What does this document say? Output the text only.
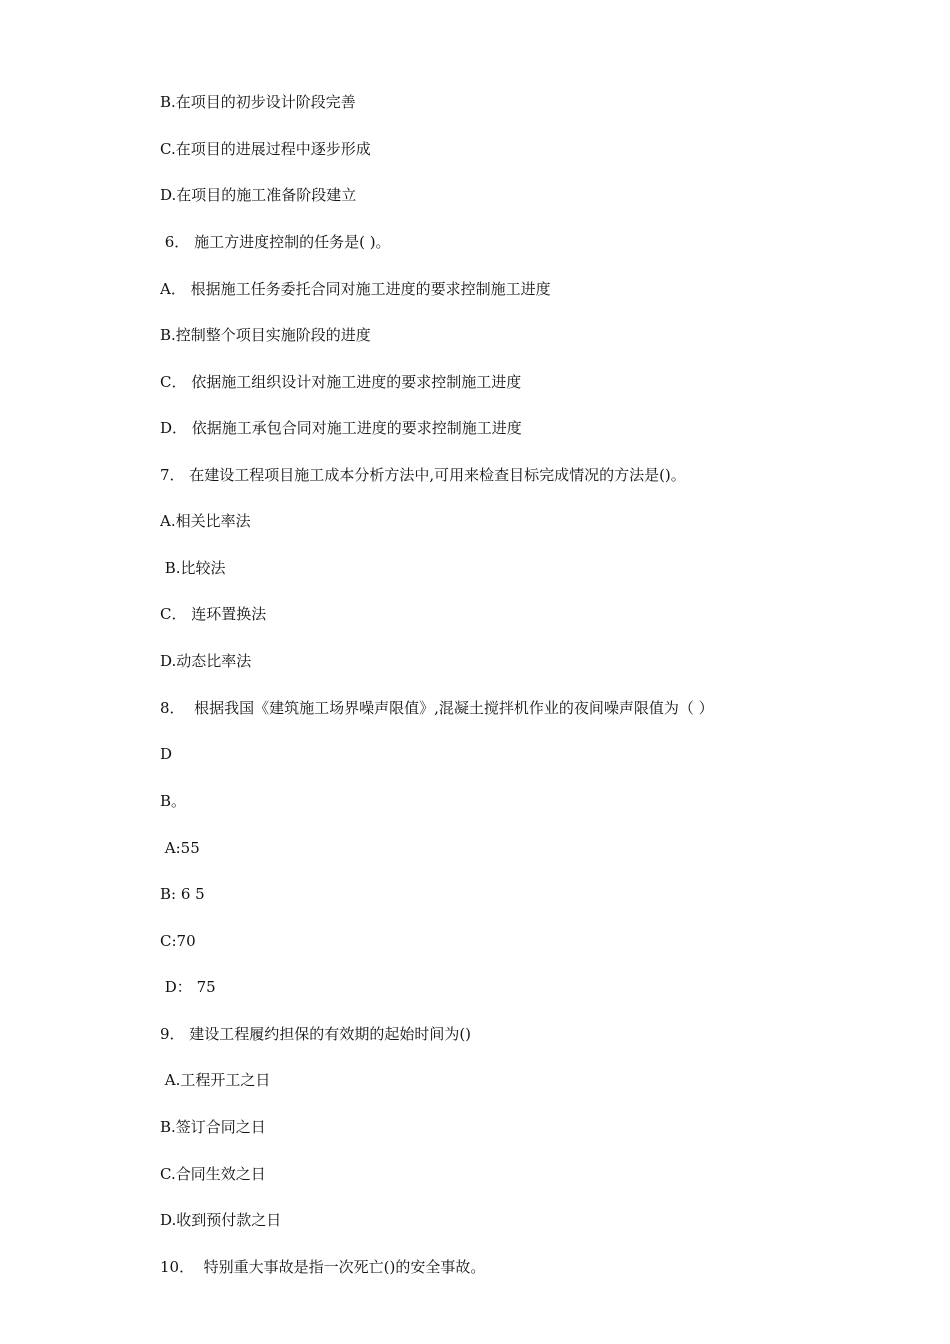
B.在项目的初步设计阶段完善
C.在项目的进展过程中逐步形成
D.在项目的施工准备阶段建立
6． 施工方进度控制的任务是( )。
A． 根据施工任务委托合同对施工进度的要求控制施工进度
B.控制整个项目实施阶段的进度
C． 依据施工组织设计对施工进度的要求控制施工进度
D． 依据施工承包合同对施工进度的要求控制施工进度
7． 在建设工程项目施工成本分析方法中,可用来检查目标完成情况的方法是()。
A.相关比率法
B.比较法
C． 连环置换法
D.动态比率法
8．  根据我国《建筑施工场界噪声限值》,混凝土搅拌机作业的夜间噪声限值为（ ）
D
B。
A:55
B: 6 5
C:70
D： 75
9． 建设工程履约担保的有效期的起始时间为()
A.工程开工之日
B.签订合同之日
C.合同生效之日
D.收到预付款之日
10．  特别重大事故是指一次死亡()的安全事故。
